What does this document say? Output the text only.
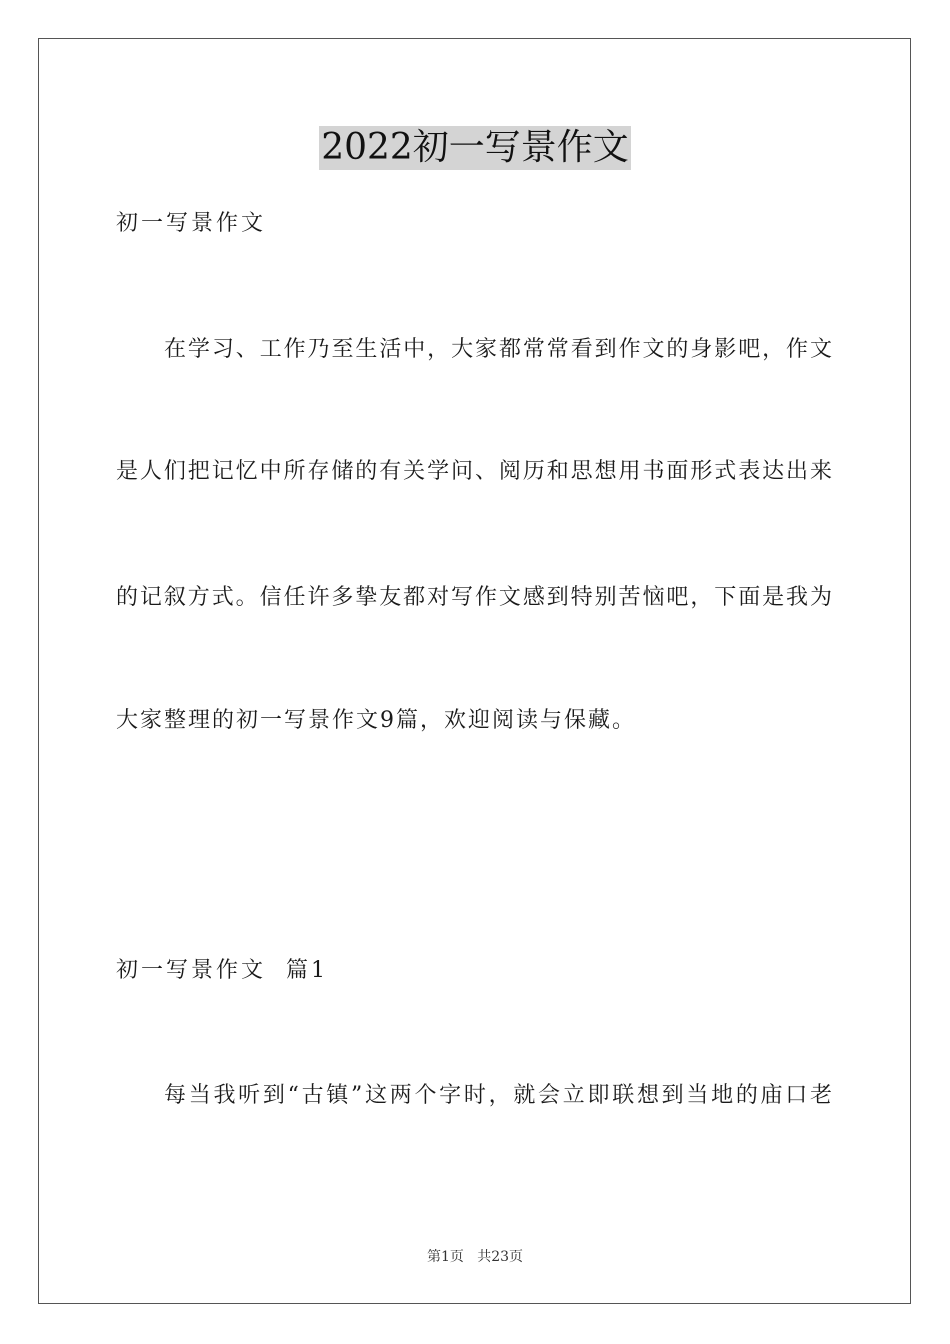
2022初一写景作文
初一写景作文
在学习、工作乃至生活中，大家都常常看到作文的身影吧，作文
是人们把记忆中所存储的有关学问、阅历和思想用书面形式表达出来
的记叙方式。信任许多挚友都对写作文感到特别苦恼吧，下面是我为
大家整理的初一写景作文9篇，欢迎阅读与保藏。
初一写景作文  篇1
每当我听到“古镇”这两个字时，就会立即联想到当地的庙口老
第1页   共23页
